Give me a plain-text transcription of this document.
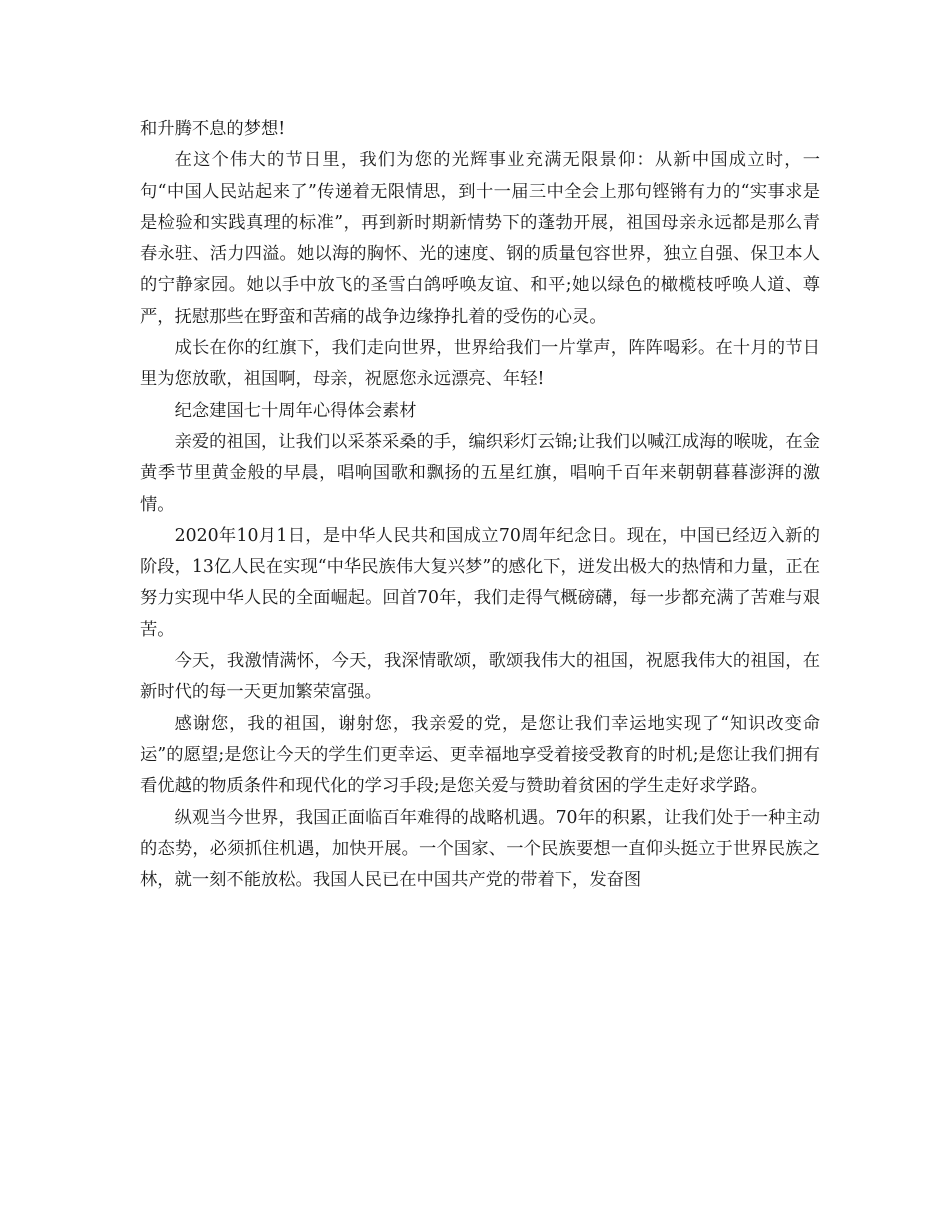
和升腾不息的梦想!

在这个伟大的节日里，我们为您的光辉事业充满无限景仰：从新中国成立时，一句“中国人民站起来了”传递着无限情思，到十一届三中全会上那句铿锵有力的“实事求是是检验和实践真理的标准”，再到新时期新情势下的蓬勃开展，祖国母亲永远都是那么青春永驻、活力四溢。她以海的胸怀、光的速度、钢的质量包容世界，独立自强、保卫本人的宁静家园。她以手中放飞的圣雪白鸽呼唤友谊、和平;她以绿色的橄榄枝呼唤人道、尊严，抚慰那些在野蛮和苦痛的战争边缘挣扎着的受伤的心灵。

成长在你的红旗下，我们走向世界，世界给我们一片掌声，阵阵喝彩。在十月的节日里为您放歌，祖国啊，母亲，祝愿您永远漂亮、年轻!

纪念建国七十周年心得体会素材

亲爱的祖国，让我们以采茶采桑的手，编织彩灯云锦;让我们以喊江成海的喉咙，在金黄季节里黄金般的早晨，唱响国歌和飘扬的五星红旗，唱响千百年来朝朝暮暮澎湃的激情。

2020年10月1日，是中华人民共和国成立70周年纪念日。现在，中国已经迈入新的阶段，13亿人民在实现“中华民族伟大复兴梦”的感化下，迸发出极大的热情和力量，正在努力实现中华人民的全面崛起。回首70年，我们走得气概磅礴，每一步都充满了苦难与艰苦。

今天，我激情满怀，今天，我深情歌颂，歌颂我伟大的祖国，祝愿我伟大的祖国，在新时代的每一天更加繁荣富强。

感谢您，我的祖国，谢射您，我亲爱的党，是您让我们幸运地实现了“知识改变命运”的愿望;是您让今天的学生们更幸运、更幸福地享受着接受教育的时机;是您让我们拥有看优越的物质条件和现代化的学习手段;是您关爱与赞助着贫困的学生走好求学路。

纵观当今世界，我国正面临百年难得的战略机遇。70年的积累，让我们处于一种主动的态势，必须抓住机遇，加快开展。一个国家、一个民族要想一直仰头挺立于世界民族之林，就一刻不能放松。我国人民已在中国共产党的带着下，发奋图
